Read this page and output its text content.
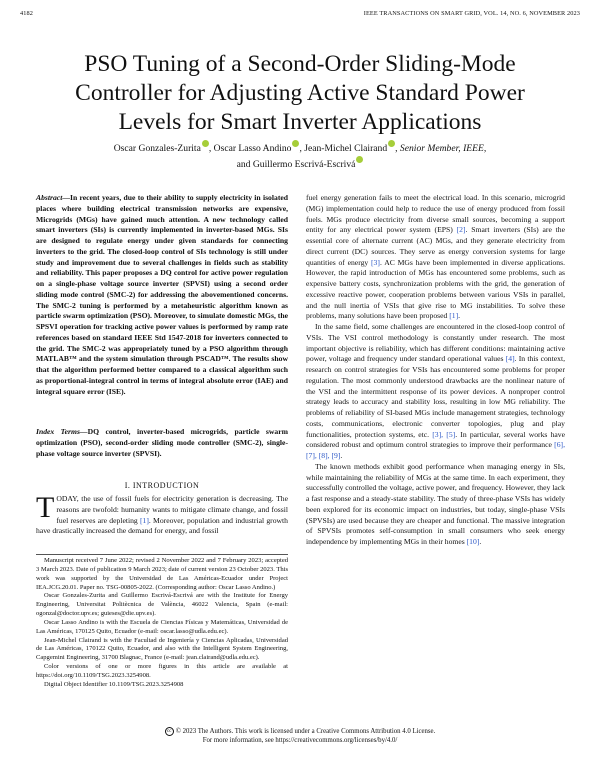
4182	IEEE TRANSACTIONS ON SMART GRID, VOL. 14, NO. 6, NOVEMBER 2023
PSO Tuning of a Second-Order Sliding-Mode
Controller for Adjusting Active Standard Power
Levels for Smart Inverter Applications
Oscar Gonzales-Zurita , Oscar Lasso Andino , Jean-Michel Clairand , Senior Member, IEEE,
and Guillermo Escrivá-Escrivá
Abstract—In recent years, due to their ability to supply electricity in isolated places where building electrical transmission networks are expensive, Microgrids (MGs) have gained much attention. A new technology called smart inverters (SIs) is currently implemented in inverter-based MGs. SIs are designed to regulate energy under given standards for connecting inverters to the grid. The closed-loop control of SIs technology is still under study and improvement due to several challenges in fields such as stability and reliability. This paper proposes a DQ control for active power regulation on a single-phase voltage source inverter (SPVSI) using a second order sliding mode control (SMC-2) for addressing the abovementioned concerns. The SMC-2 tuning is performed by a metaheuristic algorithm known as particle swarm optimization (PSO). Moreover, to simulate domestic MGs, the SPSVI operation for tracking active power values is performed by ramp rate references based on standard IEEE Std 1547-2018 for inverters connected to the grid. The SMC-2 was appropriately tuned by a PSO algorithm through MATLAB™ and the system simulation through PSCAD™. The results show that the algorithm performed better compared to a classical algorithm such as proportional-integral control in terms of integral absolute error (IAE) and integral square error (ISE).
Index Terms—DQ control, inverter-based microgrids, particle swarm optimization (PSO), second-order sliding mode controller (SMC-2), single-phase voltage source inverter (SPVSI).
I. INTRODUCTION
TODAY, the use of fossil fuels for electricity generation is decreasing. The reasons are twofold: humanity wants to mitigate climate change, and fossil fuel reserves are depleting [1]. Moreover, population and industrial growth have drastically increased the demand for energy, and fossil

Manuscript received 7 June 2022; revised 2 November 2022 and 7 February 2023; accepted 3 March 2023. Date of publication 9 March 2023; date of current version 23 October 2023. This work was supported by the Universidad de Las Américas-Ecuador under Project IEA.JCG.20.01. Paper no. TSG-00805-2022. (Corresponding author: Oscar Lasso Andino.)

Oscar Gonzales-Zurita and Guillermo Escrivá-Escrivá are with the Institute for Energy Engineering, Universitat Politècnica de València, 46022 Valencia, Spain (e-mail: ogonzal@doctor.upv.es; guieses@die.upv.es).

Oscar Lasso Andino is with the Escuela de Ciencias Físicas y Matemáticas, Universidad de Las Américas, 170125 Quito, Ecuador (e-mail: oscar.lasso@udla.edu.ec).

Jean-Michel Clairand is with the Facultad de Ingeniería y Ciencias Aplicadas, Universidad de Las Américas, 170122 Quito, Ecuador, and also with the Intelligent System Engineering, Capgemini Engineering, 31700 Blagnac, France (e-mail: jean.clairand@udla.edu.ec).

Color versions of one or more figures in this article are available at https://doi.org/10.1109/TSG.2023.3254908.

Digital Object Identifier 10.1109/TSG.2023.3254908

fuel energy generation fails to meet the electrical load. In this scenario, microgrid (MG) implementation could help to reduce the use of energy produced from fossil fuels. MGs produce electricity from diverse small sources, becoming a support entity for any electrical power system (EPS) [2]. Smart inverters (SIs) are the essential core of alternate current (AC) MGs, and they generate electricity from direct current (DC) sources. They serve as energy conversion systems for large quantities of energy [3]. AC MGs have been implemented in diverse applications. However, the rapid introduction of MGs has encountered some problems, such as expensive battery costs, synchronization problems with the grid, the generation of excessive reactive power, cooperation problems between various VSIs in parallel, and the null inertia of VSIs that give rise to MG instabilities. To solve these problems, many solutions have been proposed [1].

In the same field, some challenges are encountered in the closed-loop control of VSIs. The VSI control methodology is constantly under research. The most important objective is reliability, which has different conditions: maintaining active power, voltage and frequency under standard operational values [4]. In this context, research on control strategies for VSIs has encountered some problems for proper regulation. The most commonly understood drawbacks are the nonlinear nature of the VSI and the intermittent response of its power devices. A nonproper control strategy leads to accuracy and stability loss, resulting in low MG reliability. The problems of reliability of SI-based MGs include management strategies, technology costs, communications, electronic converter topologies, plug and play functionalities, protection systems, etc. [3], [5]. In particular, several works have considered robust and optimum control strategies to improve their performance [6], [7], [8], [9].

The known methods exhibit good performance when managing energy in SIs, while maintaining the reliability of MGs at the same time. In each experiment, they successfully controlled the voltage, active power, and frequency. However, they lack a fast response and a steady-state stability. The study of three-phase VSIs has widely been explored for its economic impact on industries, but today, single-phase VSIs (SPVSIs) are used because they are cheaper and functional. The massive integration of SPVSIs promotes self-consumption in small consumers who seek energy independence by implementing MGs in their homes [10].

cc © 2023 The Authors. This work is licensed under a Creative Commons Attribution 4.0 License.
For more information, see https://creativecommons.org/licenses/by/4.0/
